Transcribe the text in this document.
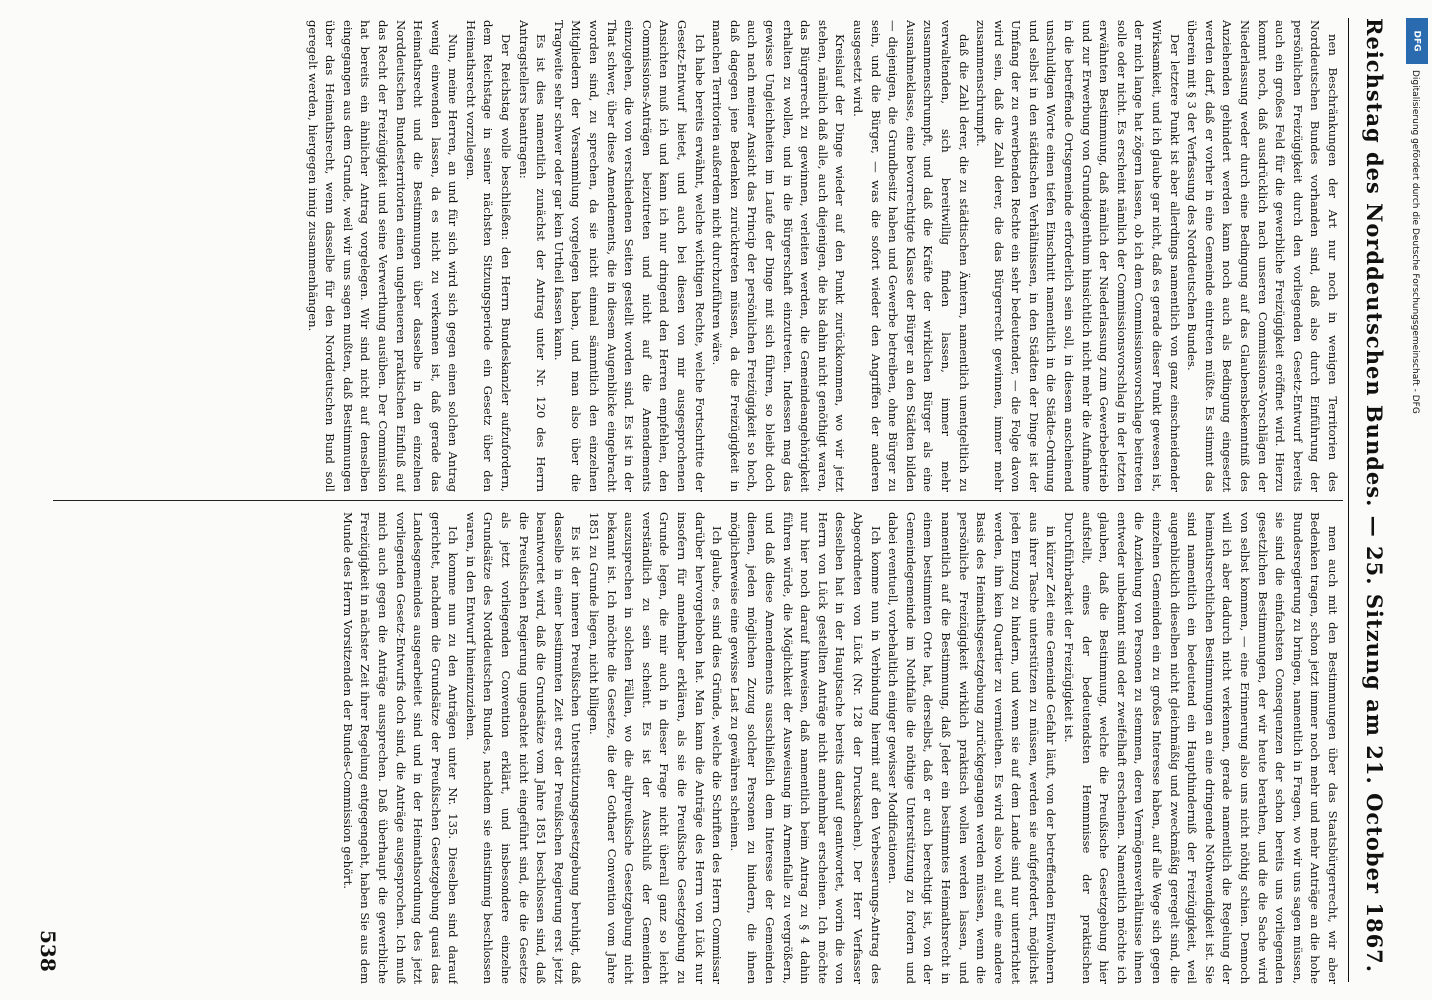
Reichstag des Norddeutschen Bundes. — 25. Sitzung am 21. October 1867.

nen Beschränkungen der Art nur noch in wenigen Territorien des Norddeutschen Bundes vorhanden sind, daß also durch Einführung der persönlichen Freizügigkeit durch den vorliegenden Gesetz-Entwurf bereits auch ein großes Feld für die gewerbliche Freizügigkeit eröffnet wird. Hierzu kommt noch, daß ausdrücklich nach unseren Commissions-Vorschlägen der Niederlassung weder durch eine Bedingung auf das Glaubensbekenntniß des Anziehenden gehindert werden kann noch auch als Bedingung eingesetzt werden darf, daß er vorher in eine Gemeinde eintreten müßte. Es stimmt das überein mit § 3 der Verfassung des Norddeutschen Bundes.

Der letztere Punkt ist aber allerdings namentlich von ganz einschneidender Wirksamkeit, und ich glaube gar nicht, daß es gerade dieser Punkt gewesen ist, der mich lange hat zögern lassen, ob ich dem Commissionsvorschlage beitreten solle oder nicht. Es erscheint nämlich der Commissionsvorschlag in der letzten erwähnten Bestimmung, daß nämlich der Niederlassung zum Gewerbebetrieb und zur Erwerbung von Grundeigenthum hinsichtlich nicht mehr die Aufnahme in die betreffende Ortsgemeinde erforderlich sein soll, in diesem anscheinend unschuldigen Worte einen tiefen Einschnitt namentlich in die Städte-Ordnung und selbst in den städtischen Verhältnissen, in den Städten der Dinge ist der Umfang der zu erwerbenden Rechte ein sehr bedeutender, — die Folge davon wird sein, daß die Zahl derer, die das Bürgerrecht gewinnen, immer mehr zusammenschrumpft.

daß die Zahl derer, die zu städtischen Ämtern, namentlich unentgeltlich zu verwaltenden, sich bereitwillig finden lassen, immer mehr zusammenschrumpft, und daß die Kräfte der wirklichen Bürger als eine Ausnahmeklasse, eine bevorrechtigte Klasse der Bürger an den Städten bilden — diejenigen, die Grundbesitz haben und Gewerbe betreiben, ohne Bürger zu sein, und die Bürger, — was die sofort wieder den Angriffen der anderen ausgesetzt wird.

Kreislauf der Dinge wieder auf den Punkt zurückkommen, wo wir jetzt stehen, nämlich daß alle, auch diejenigen, die bis dahin nicht genöthigt waren, das Bürgerrecht zu gewinnen, verleiten werden, die Gemeindeangehörigkeit erhalten zu wollen, und in die Bürgerschaft einzutreten. Indessen mag das gewisse Ungleichheiten im Laufe der Dinge mit sich führen, so bleibt doch auch nach meiner Ansicht das Princip der persönlichen Freizügigkeit so hoch, daß dagegen jene Bedenken zurücktreten müssen, da die Freizügigkeit in manchen Territorien außerdem nicht durchzuführen wäre.

Ich habe bereits erwähnt, welche wichtigen Rechte, welche Fortschritte der Gesetz-Entwurf bietet, und auch bei diesen von mir ausgesprochenen Ansichten muß ich und kann ich nur dringend den Herren empfehlen, den Commissions-Anträgen beizutreten und nicht auf die Amendements einzugehen, die von verschiedenen Seiten gestellt worden sind. Es ist in der That schwer, über diese Amendements, die in diesem Augenblicke eingebracht worden sind, zu sprechen, da sie nicht einmal sämmtlich den einzelnen Mitgliedern der Versammlung vorgelegen haben, und man also über die Tragweite sehr schwer oder gar kein Urtheil fassen kann.

Es ist dies namentlich zunächst der Antrag unter Nr. 120 des Herrn Antragstellers beantragen:

Der Reichstag wolle beschließen: den Herrn Bundeskanzler aufzufordern, dem Reichstage in seiner nächsten Sitzungsperiode ein Gesetz über den Heimathsrecht vorzulegen.

Nun, meine Herren, an und für sich wird sich gegen einen solchen Antrag wenig einwenden lassen, da es nicht zu verkennen ist, daß gerade das Heimathsrecht und die Bestimmungen über dasselbe in den einzelnen Norddeutschen Bundesterritorien einen ungeheueren praktischen Einfluß auf das Recht der Freizügigkeit und seine Verwerthung ausüben. Der Commission hat bereits ein ähnlicher Antrag vorgelegen. Wir sind nicht auf denselben eingegangen aus dem Grunde, weil wir uns sagen mußten, daß Bestimmungen über das Heimathsrecht, wenn dasselbe für den Norddeutschen Bund soll geregelt werden, hiergegen innig zusammenhängen.

men auch mit den Bestimmungen über das Staatsbürgerrecht, wir aber Bedenken tragen, schon jetzt immer noch mehr und mehr Anträge an die hohe Bundesregierung zu bringen, namentlich in Fragen, wo wir uns sagen müssen, sie sind die einfachsten Consequenzen der schon bereits uns vorliegenden gesetzlichen Bestimmungen, der wir heute berathen, und die die Sache wird von selbst kommen, — eine Erinnerung also uns nicht nöthig schien. Dennoch will ich aber dadurch nicht verkennen, gerade namentlich die Regelung der heimathsrechtlichen Bestimmungen an eine dringende Nothwendigkeit ist. Sie sind namentlich ein bedeutend ein Haupthinderniß der Freizügigkeit, weil augenblicklich dieselben nicht gleichmäßig und zweckmäßig geregelt sind, die einzelnen Gemeinden ein zu großes Interesse haben, auf alle Wege sich gegen die Anziehung von Personen zu stemmen, deren Vermögensverhältnisse ihnen entweder unbekannt sind oder zweifelhaft erscheinen. Namentlich möchte ich glauben, daß die Bestimmung, welche die Preußische Gesetzgebung hier aufstellt, eines der bedeutendsten Hemmnisse der praktischen Durchführbarkeit der Freizügigkeit ist.

in kürzer Zeit eine Gemeinde Gefahr läuft, von der betreffenden Einwohnern aus ihrer Tasche unterstützen zu müssen, werden sie aufgefordert, möglichst jeden Einzug zu hindern, und wenn sie auf dem Lande sind nur unterrichtet werden, ihm kein Quartier zu vermiethen. Es wird also wohl auf eine andere Basis des Heimathsgesetzgebung zurückgegangen werden müssen, wenn die persönliche Freizügigkeit wirklich praktisch wollen werden lassen, und namentlich auf die Bestimmung, daß Jeder ein bestimmtes Heimathsrecht in einem bestimmten Orte hat, derselbst, daß er auch berechtigt ist, von der Gemeindegemeinde im Nothfalle die nöthige Unterstützung zu fordern und dabei eventuell, vorbehaltlich einiger gewisser Modificationen.

Ich komme nun in Verbindung hiermit auf den Verbesserungs-Antrag des Abgeordneten von Lück (Nr. 128 der Drucksachen). Der Herr Verfasser desselben hat in der Hauptsache bereits darauf geantwortet, worin die von Herrn von Lück gestellten Anträge nicht annehmbar erscheinen. Ich möchte nur hier noch darauf hinweisen, daß namentlich beim Antrag zu § 4 dahin führen würde, die Möglichkeit der Ausweisung im Armenfalle zu vergrößern, und daß diese Amendements ausschließlich dem Interesse der Gemeinden dienen, jeden möglichen Zuzug solcher Personen zu hindern, die ihnen möglicherweise eine gewisse Last zu gewähren scheinen.

Ich glaube, es sind dies Gründe, welche die Schriften des Herrn Commissar darüber hervorgehoben hat. Man kann die Anträge des Herrn von Lück nur insofern für annehmbar erklären, als sie die Preußische Gesetzgebung zu Grunde legen, die mir auch in dieser Frage nicht überall ganz so leicht verständlich zu sein scheint. Es ist der Ausschluß der Gemeinden auszusprechen in solchen Fällen, wo die altpreußische Gesetzgebung nicht bekannt ist. Ich möchte die Gesetze, die der Gothaer Convention vom Jahre 1851 zu Grunde liegen, nicht billigen.

Es ist der inneren Preußischen Unterstützungsgesetzgebung beruhigt, daß dasselbe in einer bestimmten Zeit erst der Preußischen Regierung erst jetzt beantwortet wird, daß die Grundsätze vom Jahre 1851 beschlossen sind, daß die Preußischen Regierung ungeachtet nicht eingeführt sind, die die Gesetze als jetzt vorliegenden Convention erklärt, und insbesondere einzelne Grundsätze des Norddeutschen Bundes, nachdem sie einstimmig beschlossen waren, in den Entwurf hineinzuziehen.

Ich komme nun zu den Anträgen unter Nr. 135. Dieselben sind darauf gerichtet, nachdem die Grundsätze der Preußischen Gesetzgebung quasi das Landesgemeindes ausgearbeitet sind und in der Heimathsordnung des jetzt vorliegenden Gesetz-Entwurfs doch sind, die Anträge ausgesprochen. Ich muß mich auch gegen die Anträge aussprechen. Daß überhaupt die gewerbliche Freizügigkeit in nächster Zeit ihrer Regelung entgegengeht, haben Sie aus dem Munde des Herrn Vorsitzenden der Bundes-Commission gehört.

DFG
Digitalisierung gefördert durch die Deutsche Forschungsgemeinschaft - DFG
538
